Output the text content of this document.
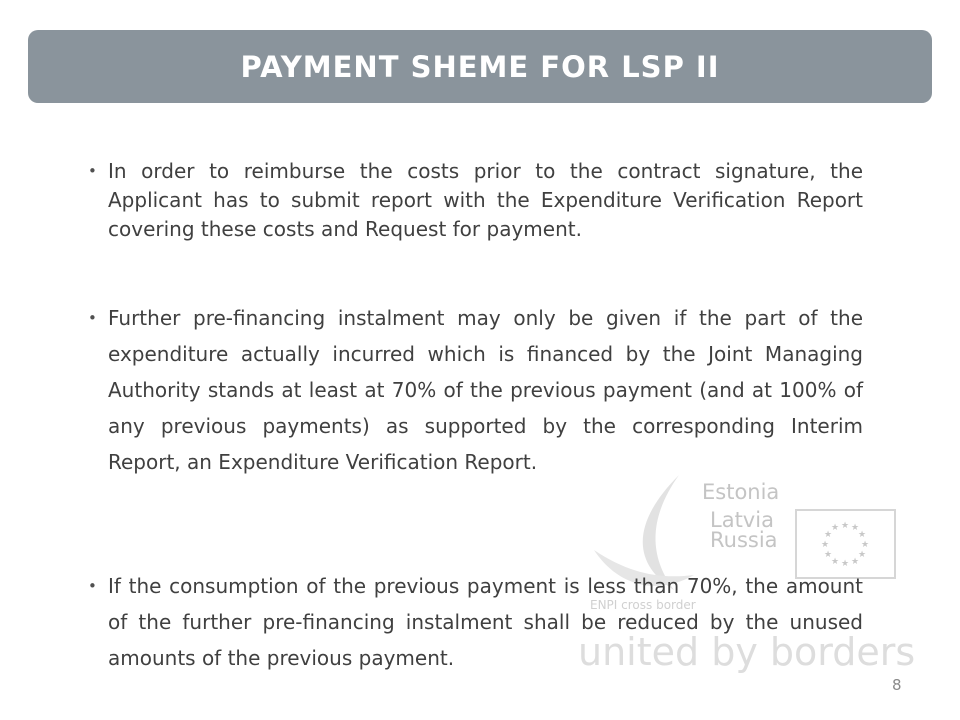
PAYMENT SHEME FOR LSP II
Estonia
Latvia
Russia
ENPI cross border
united by borders
★ ★
★
★
★
★
★
★
★
★
★
★
• In order to reimburse the costs prior to the contract signature, the Applicant has to submit report with the Expenditure Verification Report covering these costs and Request for payment.
• Further pre-financing instalment may only be given if the part of the expenditure actually incurred which is financed by the Joint Managing Authority stands at least at 70% of the previous payment (and at 100% of any previous payments) as supported by the corresponding Interim Report, an Expenditure Verification Report.
• If the consumption of the previous payment is less than 70%, the amount of the further pre-financing instalment shall be reduced by the unused amounts of the previous payment.
8
